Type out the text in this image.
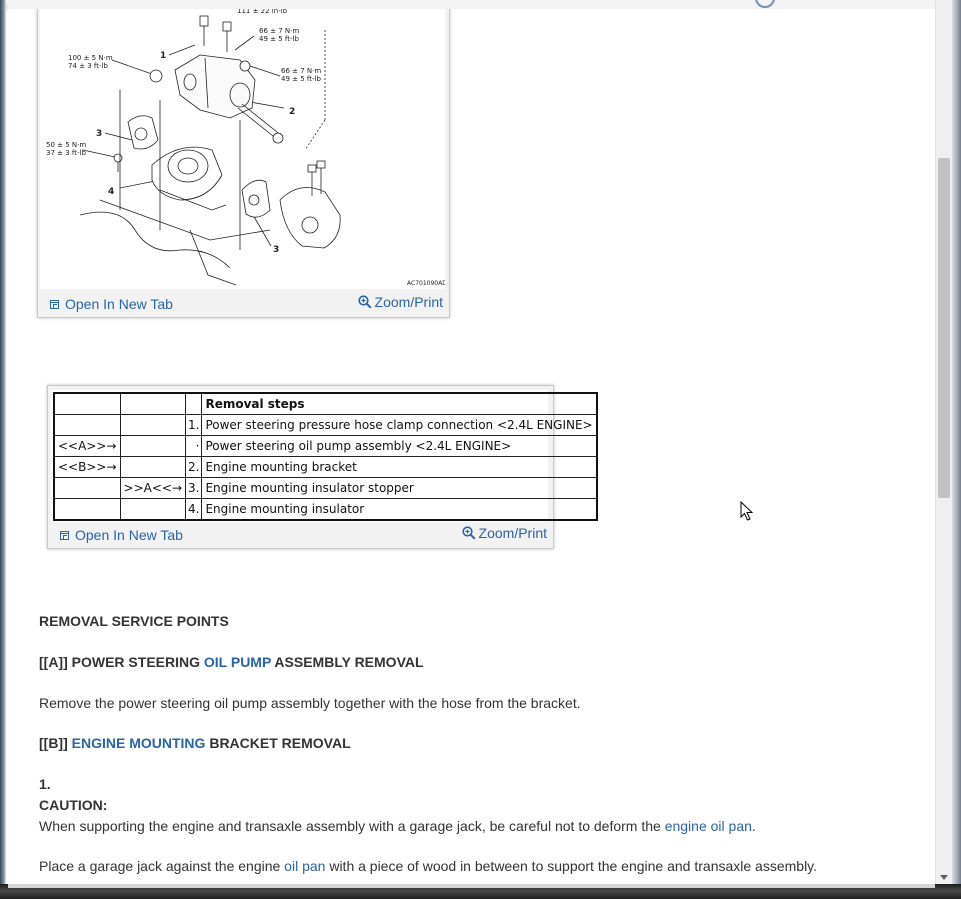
111 ± 22 in-lb
66 ± 7 N·m
49 ± 5 ft-lb
66 ± 7 N·m
49 ± 5 ft-lb
100 ± 5 N·m
74 ± 3 ft-lb
50 ± 5 N·m
37 ± 3 ft-lb
AC701090AD
1
2
3
4
3
Open In New Tab	Zoom/Print
			Removal steps
		1.	Power steering pressure hose clamp connection <2.4L ENGINE>
<<A>>→		·	Power steering oil pump assembly <2.4L ENGINE>
<<B>>→		2.	Engine mounting bracket
	>>A<<→	3.	Engine mounting insulator stopper
		4.	Engine mounting insulator
Open In New Tab	Zoom/Print
REMOVAL SERVICE POINTS
[[A]] POWER STEERING OIL PUMP ASSEMBLY REMOVAL
Remove the power steering oil pump assembly together with the hose from the bracket.
[[B]] ENGINE MOUNTING BRACKET REMOVAL
1.
CAUTION:
When supporting the engine and transaxle assembly with a garage jack, be careful not to deform the engine oil pan.
Place a garage jack against the engine oil pan with a piece of wood in between to support the engine and transaxle assembly.
